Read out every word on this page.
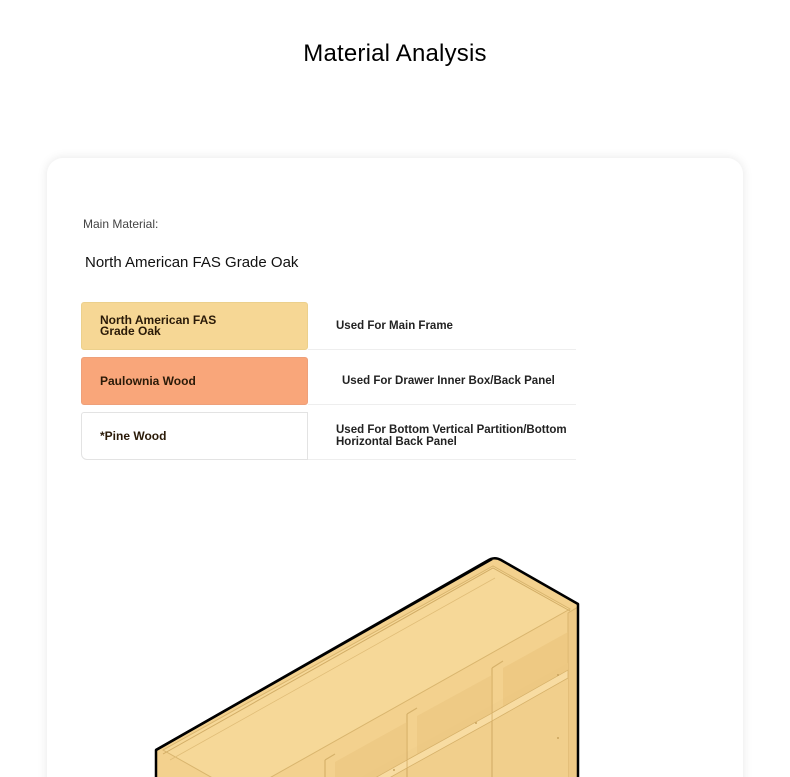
Material Analysis
Main Material:
North American FAS Grade Oak
North American FAS Grade Oak	Used For Main Frame
Paulownia Wood	Used For Drawer Inner Box/Back Panel
*Pine Wood	Used For Bottom Vertical Partition/Bottom Horizontal Back Panel
